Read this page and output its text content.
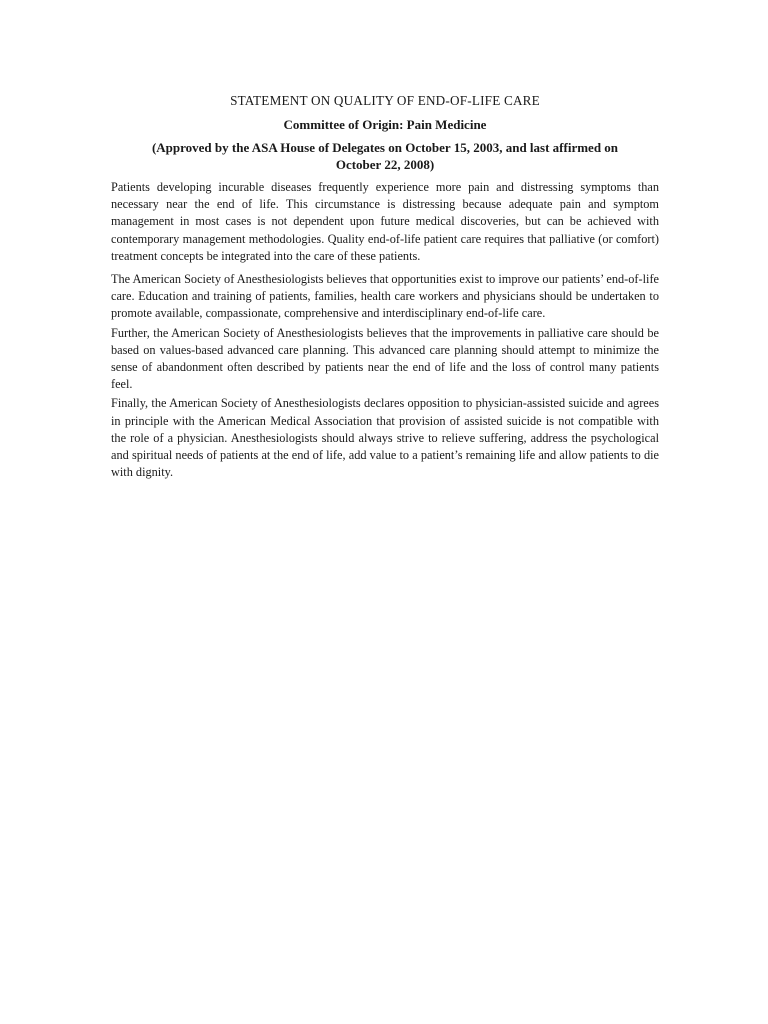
STATEMENT ON QUALITY OF END-OF-LIFE CARE
Committee of Origin: Pain Medicine
(Approved by the ASA House of Delegates on October 15, 2003, and last affirmed on October 22, 2008)

Patients developing incurable diseases frequently experience more pain and distressing symptoms than necessary near the end of life. This circumstance is distressing because adequate pain and symptom management in most cases is not dependent upon future medical discoveries, but can be achieved with contemporary management methodologies. Quality end-of-life patient care requires that palliative (or comfort) treatment concepts be integrated into the care of these patients.

The American Society of Anesthesiologists believes that opportunities exist to improve our patients’ end-of-life care. Education and training of patients, families, health care workers and physicians should be undertaken to promote available, compassionate, comprehensive and interdisciplinary end-of-life care.

Further, the American Society of Anesthesiologists believes that the improvements in palliative care should be based on values-based advanced care planning. This advanced care planning should attempt to minimize the sense of abandonment often described by patients near the end of life and the loss of control many patients feel.

Finally, the American Society of Anesthesiologists declares opposition to physician-assisted suicide and agrees in principle with the American Medical Association that provision of assisted suicide is not compatible with the role of a physician. Anesthesiologists should always strive to relieve suffering, address the psychological and spiritual needs of patients at the end of life, add value to a patient’s remaining life and allow patients to die with dignity.
